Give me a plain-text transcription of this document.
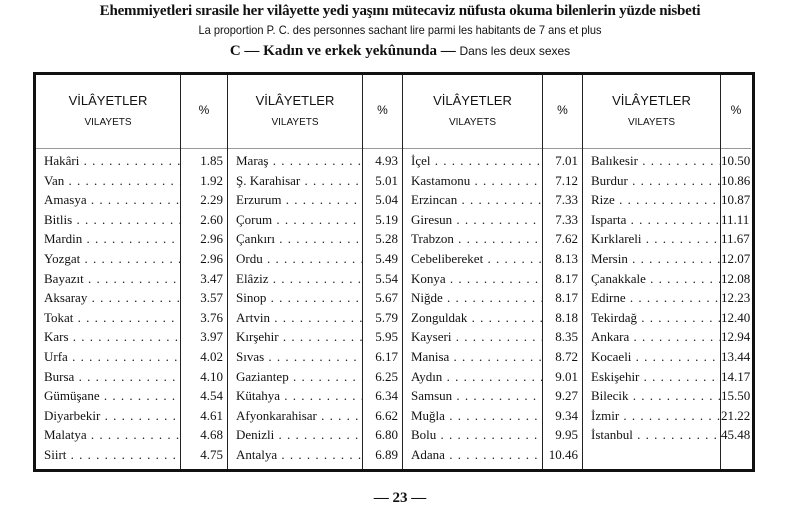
Ehemmiyetleri sırasile her vilâyette yedi yaşını mütecaviz nüfusta okuma bilenlerin yüzde nisbeti
La proportion P. C. des personnes sachant lire parmi les habitants de 7 ans et plus
C — Kadın ve erkek yekûnunda — Dans les deux sexes
VİLÂYETLER
VILAYETS
Hakâri . . .
Van . . .
Amasya . . .
Bitlis . . .
Mardin . . .
Yozgat . . .
Bayazıt . . .
Aksaray . . .
Tokat . . .
Kars . . .
Urfa . . .
Bursa . . .
Gümüşane . . .
Diyarbekir . . .
Malatya . . .
Siirt . . .
%
1.85
1.92
2.29
2.60
2.96
2.96
3.47
3.57
3.76
3.97
4.02
4.10
4.54
4.61
4.68
4.75
VİLÂYETLER
VILAYETS
Maraş . . .
Ş. Karahisar . . .
Erzurum . . .
Çorum . . .
Çankırı . . .
Ordu . . .
Elâziz . . .
Sinop . . .
Artvin . . .
Kırşehir . . .
Sıvas . . .
Gaziantep . . .
Kütahya . . .
Afyonkarahisar . . .
Denizli . . .
Antalya . . .
%
4.93
5.01
5.04
5.19
5.28
5.49
5.54
5.67
5.79
5.95
6.17
6.25
6.34
6.62
6.80
6.89
VİLÂYETLER
VILAYETS
İçel . . .
Kastamonu . . .
Erzincan . . .
Giresun . . .
Trabzon . . .
Cebelibereket . . .
Konya . . .
Niğde . . .
Zonguldak . . .
Kayseri . . .
Manisa . . .
Aydın . . .
Samsun . . .
Muğla . . .
Bolu . . .
Adana . . .
%
7.01
7.12
7.33
7.33
7.62
8.13
8.17
8.17
8.18
8.35
8.72
9.01
9.27
9.34
9.95
10.46
VİLÂYETLER
VILAYETS
Balıkesir . . .
Burdur . . .
Rize . . .
Isparta . . .
Kırklareli . . .
Mersin . . .
Çanakkale . . .
Edirne . . .
Tekirdağ . . .
Ankara . . .
Kocaeli . . .
Eskişehir . . .
Bilecik . . .
İzmir . . .
İstanbul . . .
%
10.50
10.86
10.87
11.11
11.67
12.07
12.08
12.23
12.40
12.94
13.44
14.17
15.50
21.22
45.48
— 23 —
